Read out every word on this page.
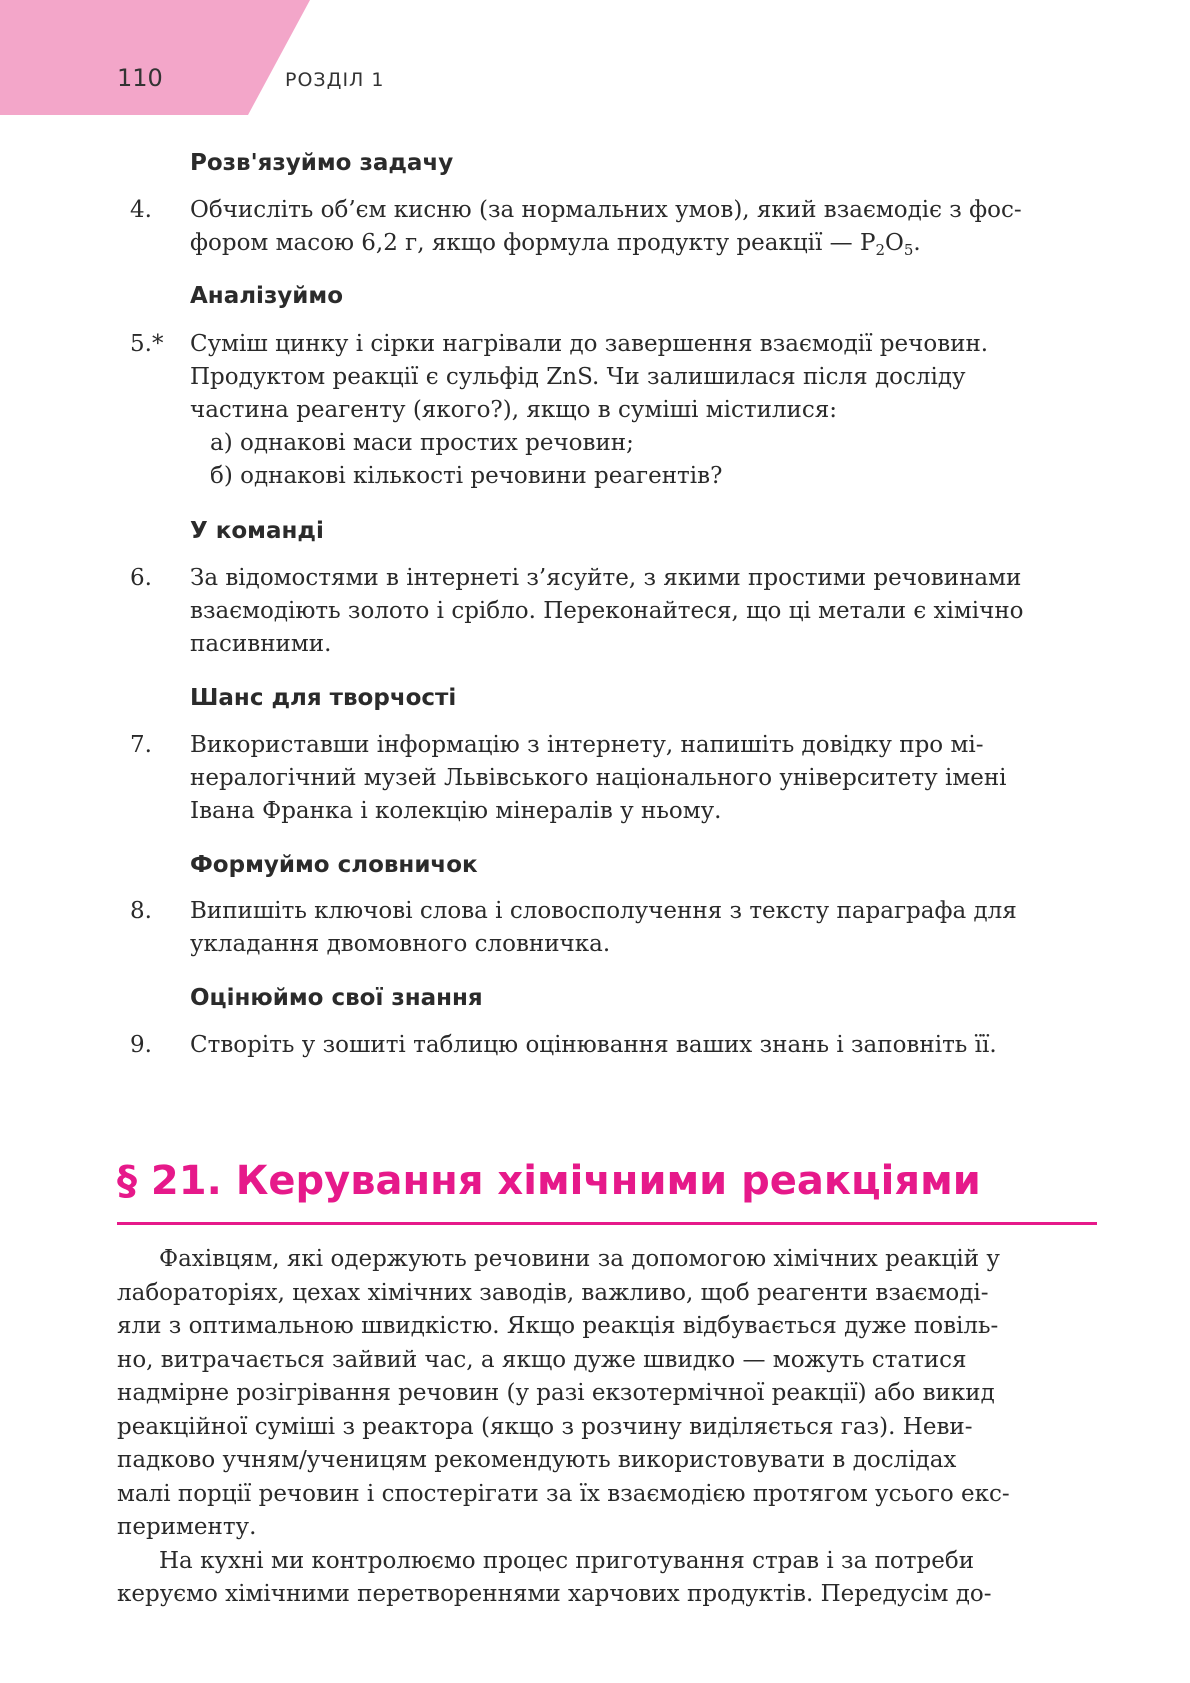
110	РОЗДІЛ 1
Розв'язуймо задачу
4. Обчисліть об’єм кисню (за нормальних умов), який взаємодіє з фос-
фором масою 6,2 г, якщо формула продукту реакції — $P_2O_5$.
Аналізуймо
5.* Суміш цинку і сірки нагрівали до завершення взаємодії речовин.
Продуктом реакції є сульфід ZnS. Чи залишилася після досліду
частина реагенту (якого?), якщо в суміші містилися:
а) однакові маси простих речовин;
б) однакові кількості речовини реагентів?
У команді
6. За відомостями в інтернеті з’ясуйте, з якими простими речовинами
взаємодіють золото і срібло. Переконайтеся, що ці метали є хімічно
пасивними.
Шанс для творчості
7. Використавши інформацію з інтернету, напишіть довідку про мі-
нералогічний музей Львівського національного університету імені
Івана Франка і колекцію мінералів у ньому.
Формуймо словничок
8. Випишіть ключові слова і словосполучення з тексту параграфа для
укладання двомовного словничка.
Оцінюймо свої знання
9. Створіть у зошиті таблицю оцінювання ваших знань і заповніть її.
§ 21. Керування хімічними реакціями
Фахівцям, які одержують речовини за допомогою хімічних реакцій у
лабораторіях, цехах хімічних заводів, важливо, щоб реагенти взаємоді-
яли з оптимальною швидкістю. Якщо реакція відбувається дуже повіль-
но, витрачається зайвий час, а якщо дуже швидко — можуть статися
надмірне розігрівання речовин (у разі екзотермічної реакції) або викид
реакційної суміші з реактора (якщо з розчину виділяється газ). Неви-
падково учням/ученицям рекомендують використовувати в дослідах
малі порції речовин і спостерігати за їх взаємодією протягом усього екс-
перименту.
На кухні ми контролюємо процес приготування страв і за потреби
керуємо хімічними перетвореннями харчових продуктів. Передусім до-
